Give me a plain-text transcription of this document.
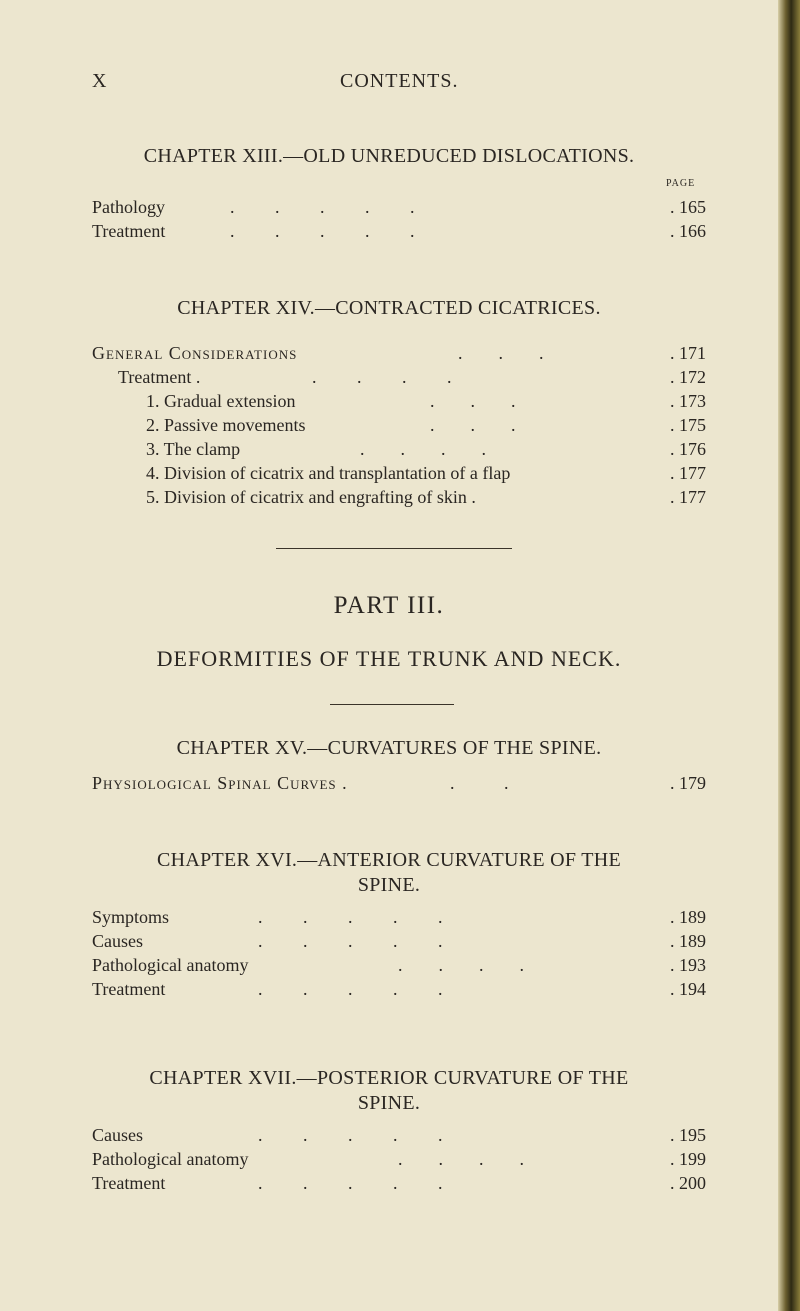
X	CONTENTS.
CHAPTER XIII.—OLD UNREDUCED DISLOCATIONS.
PAGE
Pathology	.         .         .         .         .	. 165
Treatment	.         .         .         .         .	. 166
CHAPTER XIV.—CONTRACTED CICATRICES.
General Considerations	.        .        .	. 171
Treatment .	.         .         .         .	. 172
1. Gradual extension	.        .        .	. 173
2. Passive movements	.        .        .	. 175
3. The clamp	.        .        .        .	. 176
4. Division of cicatrix and transplantation of a flap	. 177
5. Division of cicatrix and engrafting of skin .	. 177
PART III.
DEFORMITIES OF THE TRUNK AND NECK.
CHAPTER XV.—CURVATURES OF THE SPINE.
Physiological Spinal Curves .	.           .	. 179
CHAPTER XVI.—ANTERIOR CURVATURE OF THE
SPINE.
Symptoms	.         .         .         .         .	. 189
Causes	.         .         .         .         .	. 189
Pathological anatomy	.        .        .        .	. 193
Treatment	.         .         .         .         .	. 194
CHAPTER XVII.—POSTERIOR CURVATURE OF THE
SPINE.
Causes	.         .         .         .         .	. 195
Pathological anatomy	.        .        .        .	. 199
Treatment	.         .         .         .         .	. 200
